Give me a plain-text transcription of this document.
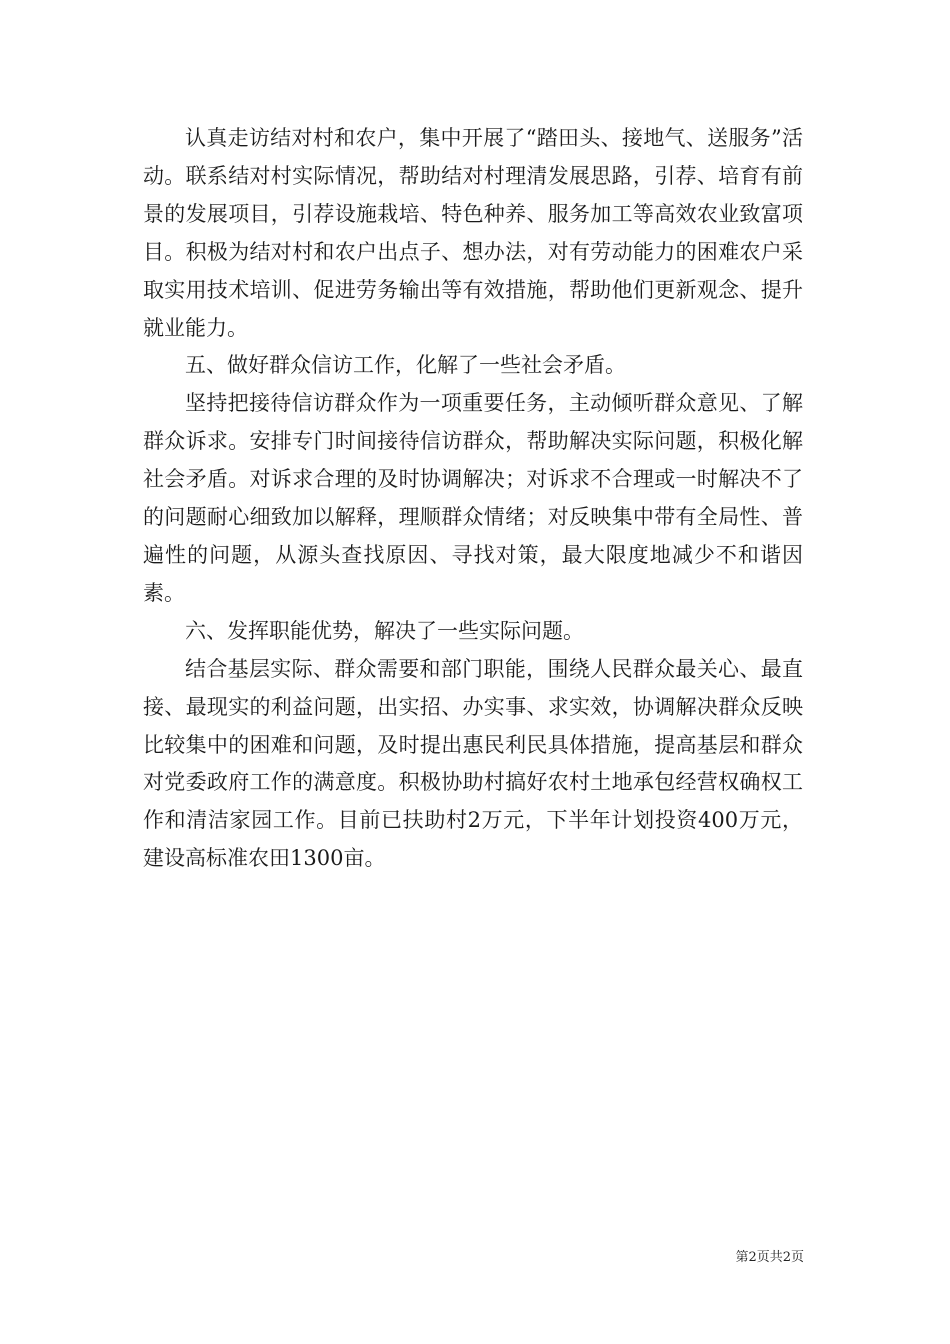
认真走访结对村和农户，集中开展了“踏田头、接地气、送服务”活动。联系结对村实际情况，帮助结对村理清发展思路，引荐、培育有前景的发展项目，引荐设施栽培、特色种养、服务加工等高效农业致富项目。积极为结对村和农户出点子、想办法，对有劳动能力的困难农户采取实用技术培训、促进劳务输出等有效措施，帮助他们更新观念、提升就业能力。

五、做好群众信访工作，化解了一些社会矛盾。

坚持把接待信访群众作为一项重要任务，主动倾听群众意见、了解群众诉求。安排专门时间接待信访群众，帮助解决实际问题，积极化解社会矛盾。对诉求合理的及时协调解决；对诉求不合理或一时解决不了的问题耐心细致加以解释，理顺群众情绪；对反映集中带有全局性、普遍性的问题，从源头查找原因、寻找对策，最大限度地减少不和谐因素。

六、发挥职能优势，解决了一些实际问题。

结合基层实际、群众需要和部门职能，围绕人民群众最关心、最直接、最现实的利益问题，出实招、办实事、求实效，协调解决群众反映比较集中的困难和问题，及时提出惠民利民具体措施，提高基层和群众对党委政府工作的满意度。积极协助村搞好农村土地承包经营权确权工作和清洁家园工作。目前已扶助村2万元，下半年计划投资400万元，建设高标准农田1300亩。

第2页共2页
